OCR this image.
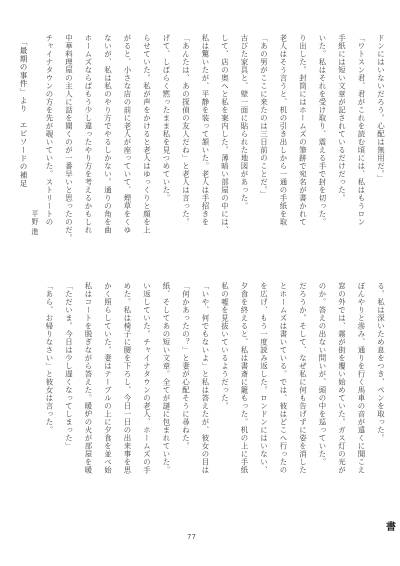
「最期の事件」より　エピソードの補足
平野 進 チャイナタウンの方を先が覗いていた。ストリートの 中華料理屋の主人に話を聞くのが一番早いと思ったのだ。 ホームズならばもう少し違ったやり方を考えるかもしれ ないが、私は私のやり方でやるしかない。通りの角を曲 がると、小さな店の前に老人が座っていて、煙草をくゆ らせていた。私が声をかけると老人はゆっくりと顔を上 げて、しばらく黙ったまま私を見つめていた。 「あんたは、あの探偵の友人だね」と老人は言った。 私は驚いたが、平静を装って頷いた。老人は手招きを して、店の奥へと私を案内した。薄暗い部屋の中には、 古びた家具と、壁一面に貼られた地図があった。 「あの男がここに来たのは三日前のことだ。」 老人はそう言うと、机の引き出しから一通の手紙を取 り出した。封筒にはホームズの筆跡で宛名が書かれて いた。私はそれを受け取り、震える手で封を切った。 手紙には短い文章が記されているだけだった。 「ワトスン君、君がこれを読む頃には、私はもうロン ドンにはいないだろう。心配は無用だ。」
「あら、お帰りなさい」と彼女は言った。 「ただいま。今日は少し遅くなってしまった」 私はコートを脱ぎながら答えた。暖炉の火が部屋を暖 かく照らしていた。妻はテーブルの上に夕食を並べ始 めた。私は椅子に腰を下ろし、今日一日の出来事を思 い返していた。チャイナタウンの老人、ホームズの手 紙、そしてあの短い文章。全てが謎に包まれていた。 「何かあったの？」と妻が心配そうに尋ねた。 「いや、何でもないよ」と私は答えたが、彼女の目は 私の嘘を見抜いているようだった。 夕食を終えると、私は書斎に籠もった。机の上に手紙 を広げ、もう一度読み返した。ロンドンにはいない、 とホームズは書いている。では、彼はどこへ行ったの だろうか。そして、なぜ私に何も告げずに姿を消した のか。答えの出ない問いが、頭の中を巡っていた。 窓の外では、霧が街を覆い始めていた。ガス灯の光が ぼんやりと滲み、通りを行く馬車の音が遠くに聞こえ る。私は深いため息をつき、ペンを取った。
77
書
